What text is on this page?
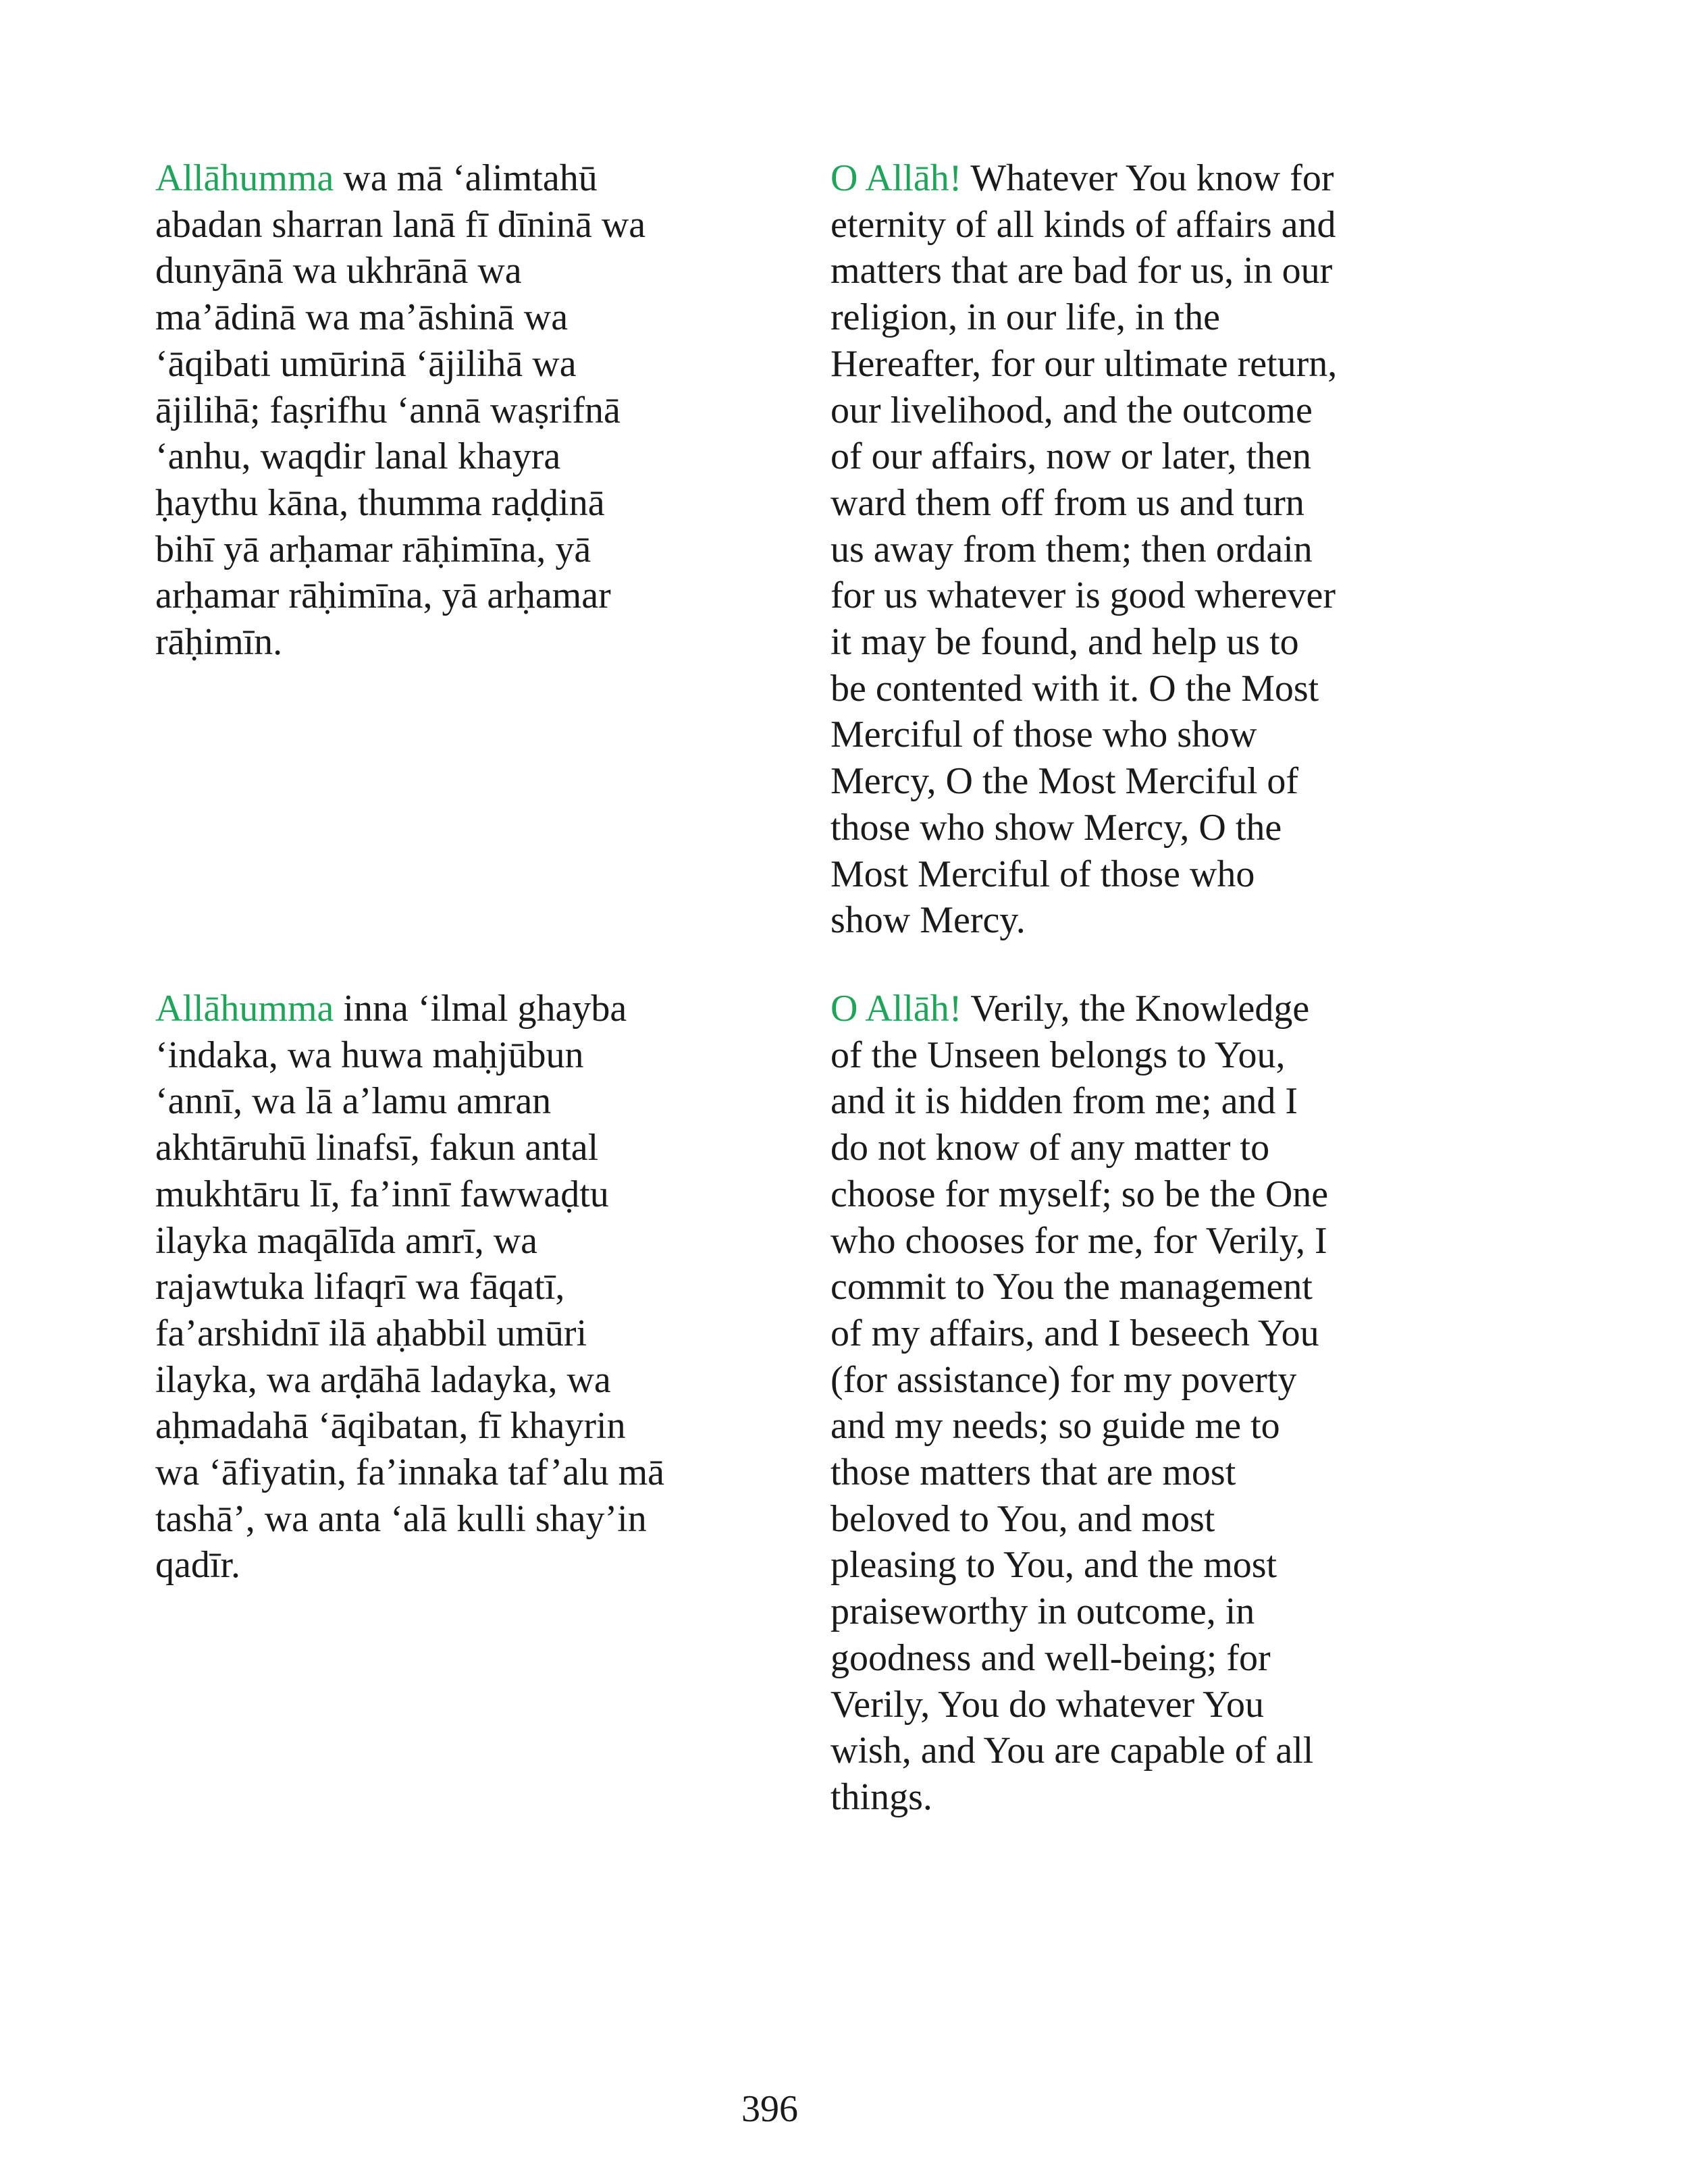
Allāhumma wa mā ‘alimtahū
abadan sharran lanā fī dīninā wa
dunyānā wa ukhrānā wa
ma’ādinā wa ma’āshinā wa
‘āqibati umūrinā ‘ājilihā wa
ājilihā; faṣrifhu ‘annā waṣrifnā
‘anhu, waqdir lanal khayra
ḥaythu kāna, thumma raḍḍinā
bihī yā arḥamar rāḥimīna, yā
arḥamar rāḥimīna, yā arḥamar
rāḥimīn.

O Allāh! Whatever You know for
eternity of all kinds of affairs and
matters that are bad for us, in our
religion, in our life, in the
Hereafter, for our ultimate return,
our livelihood, and the outcome
of our affairs, now or later, then
ward them off from us and turn
us away from them; then ordain
for us whatever is good wherever
it may be found, and help us to
be contented with it. O the Most
Merciful of those who show
Mercy, O the Most Merciful of
those who show Mercy, O the
Most Merciful of those who
show Mercy.

Allāhumma inna ‘ilmal ghayba
‘indaka, wa huwa maḥjūbun
‘annī, wa lā a’lamu amran
akhtāruhū linafsī, fakun antal
mukhtāru lī, fa’innī fawwaḍtu
ilayka maqālīda amrī, wa
rajawtuka lifaqrī wa fāqatī,
fa’arshidnī ilā aḥabbil umūri
ilayka, wa arḍāhā ladayka, wa
aḥmadahā ‘āqibatan, fī khayrin
wa ‘āfiyatin, fa’innaka taf’alu mā
tashā’, wa anta ‘alā kulli shay’in
qadīr.

O Allāh! Verily, the Knowledge
of the Unseen belongs to You,
and it is hidden from me; and I
do not know of any matter to
choose for myself; so be the One
who chooses for me, for Verily, I
commit to You the management
of my affairs, and I beseech You
(for assistance) for my poverty
and my needs; so guide me to
those matters that are most
beloved to You, and most
pleasing to You, and the most
praiseworthy in outcome, in
goodness and well-being; for
Verily, You do whatever You
wish, and You are capable of all
things.

396
